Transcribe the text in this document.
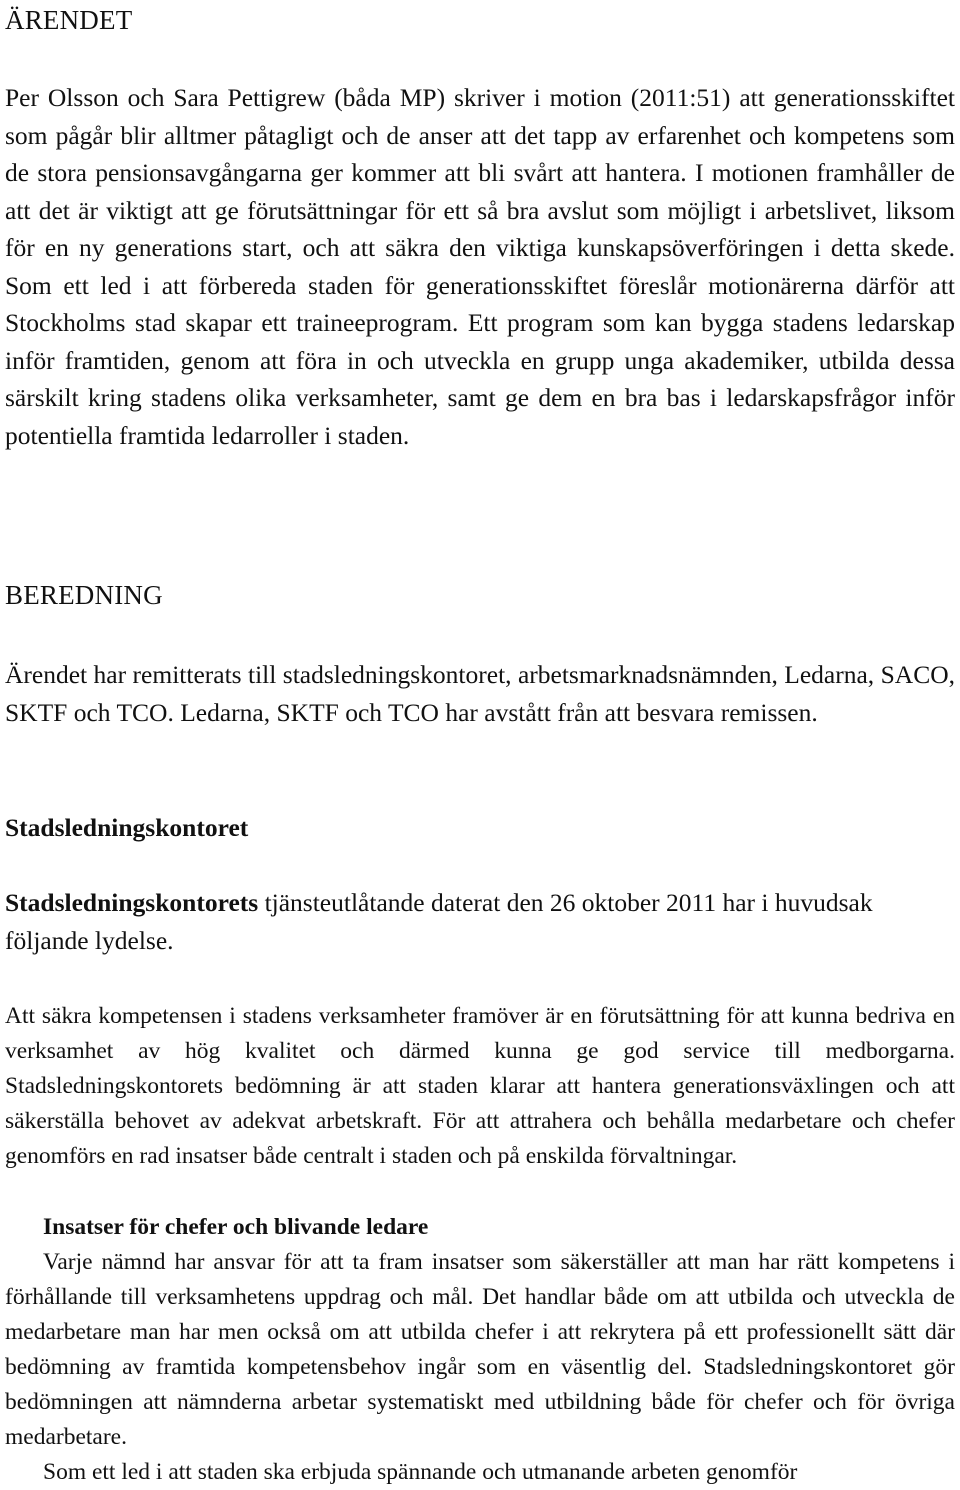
ÄRENDET

Per Olsson och Sara Pettigrew (båda MP) skriver i motion (2011:51) att generationsskiftet som pågår blir alltmer påtagligt och de anser att det tapp av erfarenhet och kompetens som de stora pensionsavgångarna ger kommer att bli svårt att hantera. I motionen framhåller de att det är viktigt att ge förutsättningar för ett så bra avslut som möjligt i arbetslivet, liksom för en ny generations start, och att säkra den viktiga kunskapsöverföringen i detta skede. Som ett led i att förbereda staden för generationsskiftet föreslår motionärerna därför att Stockholms stad skapar ett traineeprogram. Ett program som kan bygga stadens ledarskap inför framtiden, genom att föra in och utveckla en grupp unga akademiker, utbilda dessa särskilt kring stadens olika verksamheter, samt ge dem en bra bas i ledarskapsfrågor inför potentiella framtida ledarroller i staden.

BEREDNING

Ärendet har remitterats till stadsledningskontoret, arbetsmarknadsnämnden, Ledarna, SACO, SKTF och TCO. Ledarna, SKTF och TCO har avstått från att besvara remissen.

Stadsledningskontoret

Stadsledningskontorets tjänsteutlåtande daterat den 26 oktober 2011 har i huvudsak följande lydelse.

Att säkra kompetensen i stadens verksamheter framöver är en förutsättning för att kunna bedriva en verksamhet av hög kvalitet och därmed kunna ge god service till medborgarna. Stadsledningskontorets bedömning är att staden klarar att hantera generationsväxlingen och att säkerställa behovet av adekvat arbetskraft. För att attrahera och behålla medarbetare och chefer genomförs en rad insatser både centralt i staden och på enskilda förvaltningar.

Insatser för chefer och blivande ledare

Varje nämnd har ansvar för att ta fram insatser som säkerställer att man har rätt kompetens i förhållande till verksamhetens uppdrag och mål. Det handlar både om att utbilda och utveckla de medarbetare man har men också om att utbilda chefer i att rekrytera på ett professionellt sätt där bedömning av framtida kompetensbehov ingår som en väsentlig del. Stadsledningskontoret gör bedömningen att nämnderna arbetar systematiskt med utbildning både för chefer och för övriga medarbetare.

Som ett led i att staden ska erbjuda spännande och utmanande arbeten genomför
